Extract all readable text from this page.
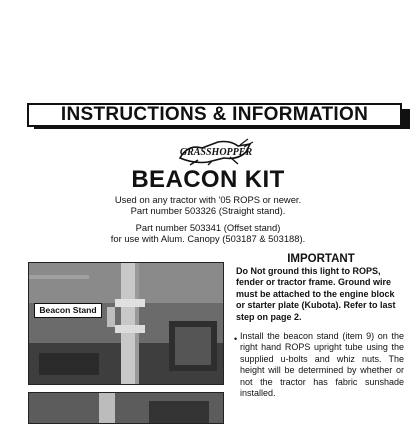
INSTRUCTIONS & INFORMATION
GRASSHOPPER
BEACON KIT
Used on any tractor with '05 ROPS or newer.
Part number 503326 (Straight stand).
Part number 503341 (Offset stand)
for use with Alum. Canopy (503187 & 503188).
Beacon Stand
IMPORTANT
Do Not ground this light to ROPS, fender or tractor frame. Ground wire must be attached to the engine block or starter plate (Kubota). Refer to last step on page 2.
• Install the beacon stand (item 9) on the right hand ROPS upright tube using the supplied u-bolts and whiz nuts. The height will be determined by whether or not the tractor has fabric sunshade installed.
